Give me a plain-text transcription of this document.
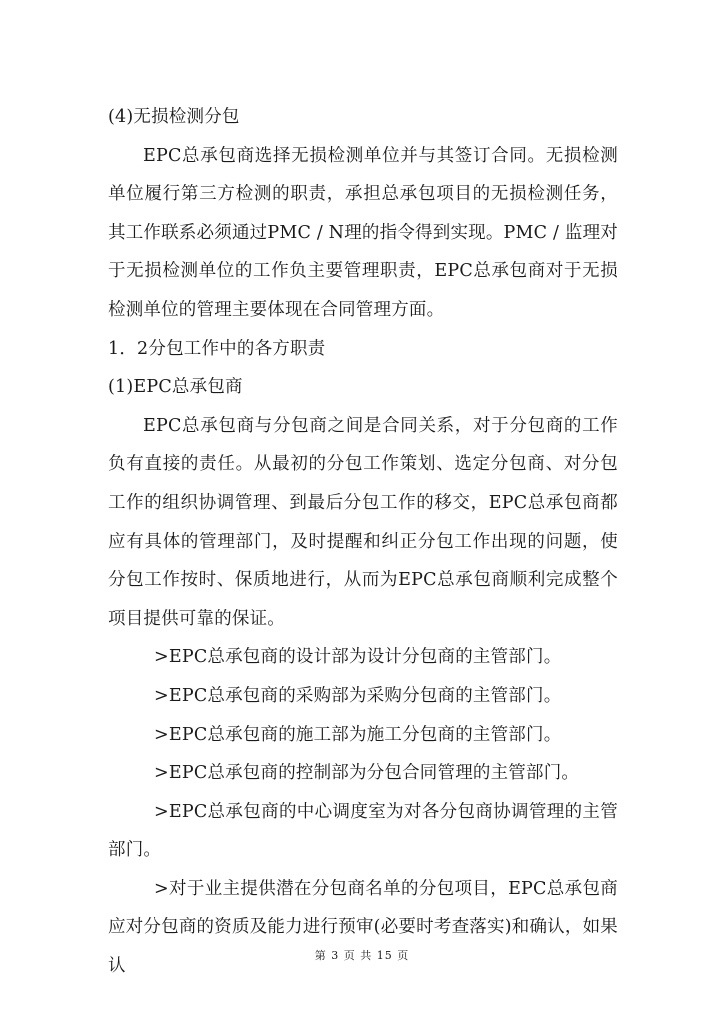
(4)无损检测分包

EPC总承包商选择无损检测单位并与其签订合同。无损检测单位履行第三方检测的职责，承担总承包项目的无损检测任务，其工作联系必须通过PMC / N理的指令得到实现。PMC / 监理对于无损检测单位的工作负主要管理职责，EPC总承包商对于无损检测单位的管理主要体现在合同管理方面。

1．2分包工作中的各方职责

(1)EPC总承包商

EPC总承包商与分包商之间是合同关系，对于分包商的工作负有直接的责任。从最初的分包工作策划、选定分包商、对分包工作的组织协调管理、到最后分包工作的移交，EPC总承包商都应有具体的管理部门，及时提醒和纠正分包工作出现的问题，使分包工作按时、保质地进行，从而为EPC总承包商顺利完成整个项目提供可靠的保证。

>EPC总承包商的设计部为设计分包商的主管部门。

>EPC总承包商的采购部为采购分包商的主管部门。

>EPC总承包商的施工部为施工分包商的主管部门。

>EPC总承包商的控制部为分包合同管理的主管部门。

>EPC总承包商的中心调度室为对各分包商协调管理的主管部门。

>对于业主提供潜在分包商名单的分包项目，EPC总承包商应对分包商的资质及能力进行预审(必要时考查落实)和确认，如果认

第 3 页 共 15 页
